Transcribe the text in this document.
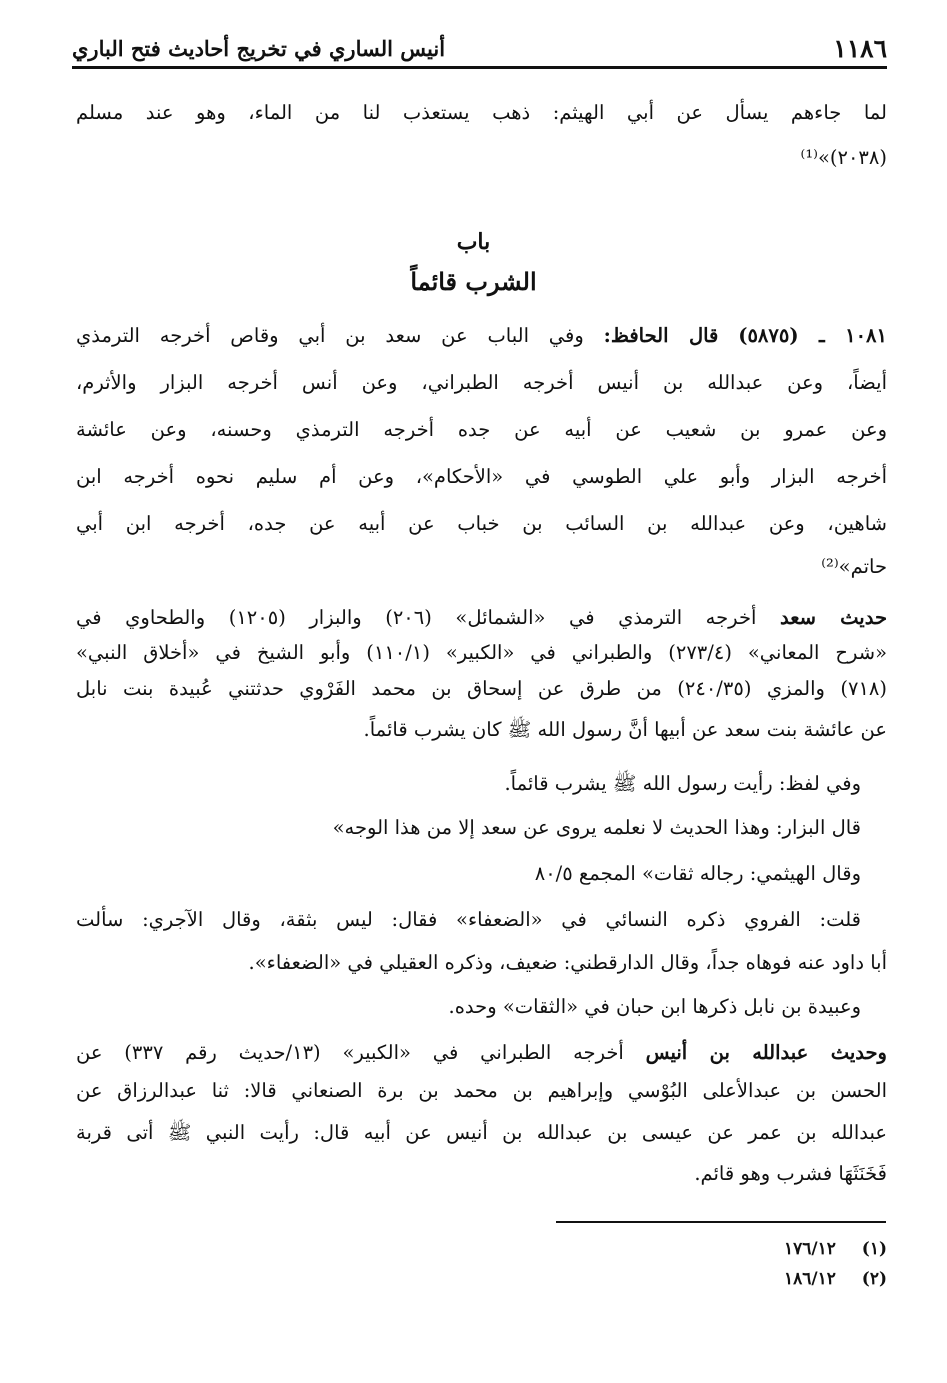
١١٨٦
أنيس الساري في تخريج أحاديث فتح الباري
لما جاءهم يسأل عن أبي الهيثم: ذهب يستعذب لنا من الماء، وهو عند مسلم
(٢٠٣٨)»⁽¹⁾
باب
الشرب قائماً
١٠٨١ ـ (٥٨٧٥) قال الحافظ: وفي الباب عن سعد بن أبي وقاص أخرجه الترمذي
أيضاً، وعن عبدالله بن أنيس أخرجه الطبراني، وعن أنس أخرجه البزار والأثرم،
وعن عمرو بن شعيب عن أبيه عن جده أخرجه الترمذي وحسنه، وعن عائشة
أخرجه البزار وأبو علي الطوسي في «الأحكام»، وعن أم سليم نحوه أخرجه ابن
شاهين، وعن عبدالله بن السائب بن خباب عن أبيه عن جده، أخرجه ابن أبي
حاتم»⁽²⁾
حديث سعد أخرجه الترمذي في «الشمائل» (٢٠٦) والبزار (١٢٠٥) والطحاوي في
«شرح المعاني» (٢٧٣/٤) والطبراني في «الكبير» (١١٠/١) وأبو الشيخ في «أخلاق النبي»
(٧١٨) والمزي (٢٤٠/٣٥) من طرق عن إسحاق بن محمد الفَرْوي حدثتني عُبيدة بنت نابل
عن عائشة بنت سعد عن أبيها أنَّ رسول الله ﷺ كان يشرب قائماً.
وفي لفظ: رأيت رسول الله ﷺ يشرب قائماً.
قال البزار: وهذا الحديث لا نعلمه يروى عن سعد إلا من هذا الوجه»
وقال الهيثمي: رجاله ثقات» المجمع ٨٠/٥
قلت: الفروي ذكره النسائي في «الضعفاء» فقال: ليس بثقة، وقال الآجري: سألت
أبا داود عنه فوهاه جداً، وقال الدارقطني: ضعيف، وذكره العقيلي في «الضعفاء».
وعبيدة بن نابل ذكرها ابن حبان في «الثقات» وحده.
وحديث عبدالله بن أنيس أخرجه الطبراني في «الكبير» (١٣/حديث رقم ٣٣٧) عن
الحسن بن عبدالأعلى البُوْسي وإبراهيم بن محمد بن برة الصنعاني قالا: ثنا عبدالرزاق عن
عبدالله بن عمر عن عيسى بن عبدالله بن أنيس عن أبيه قال: رأيت النبي ﷺ أتى قربة
فَخَنَثَهَا فشرب وهو قائم.
(١) ١٧٦/١٢
(٢) ١٨٦/١٢
